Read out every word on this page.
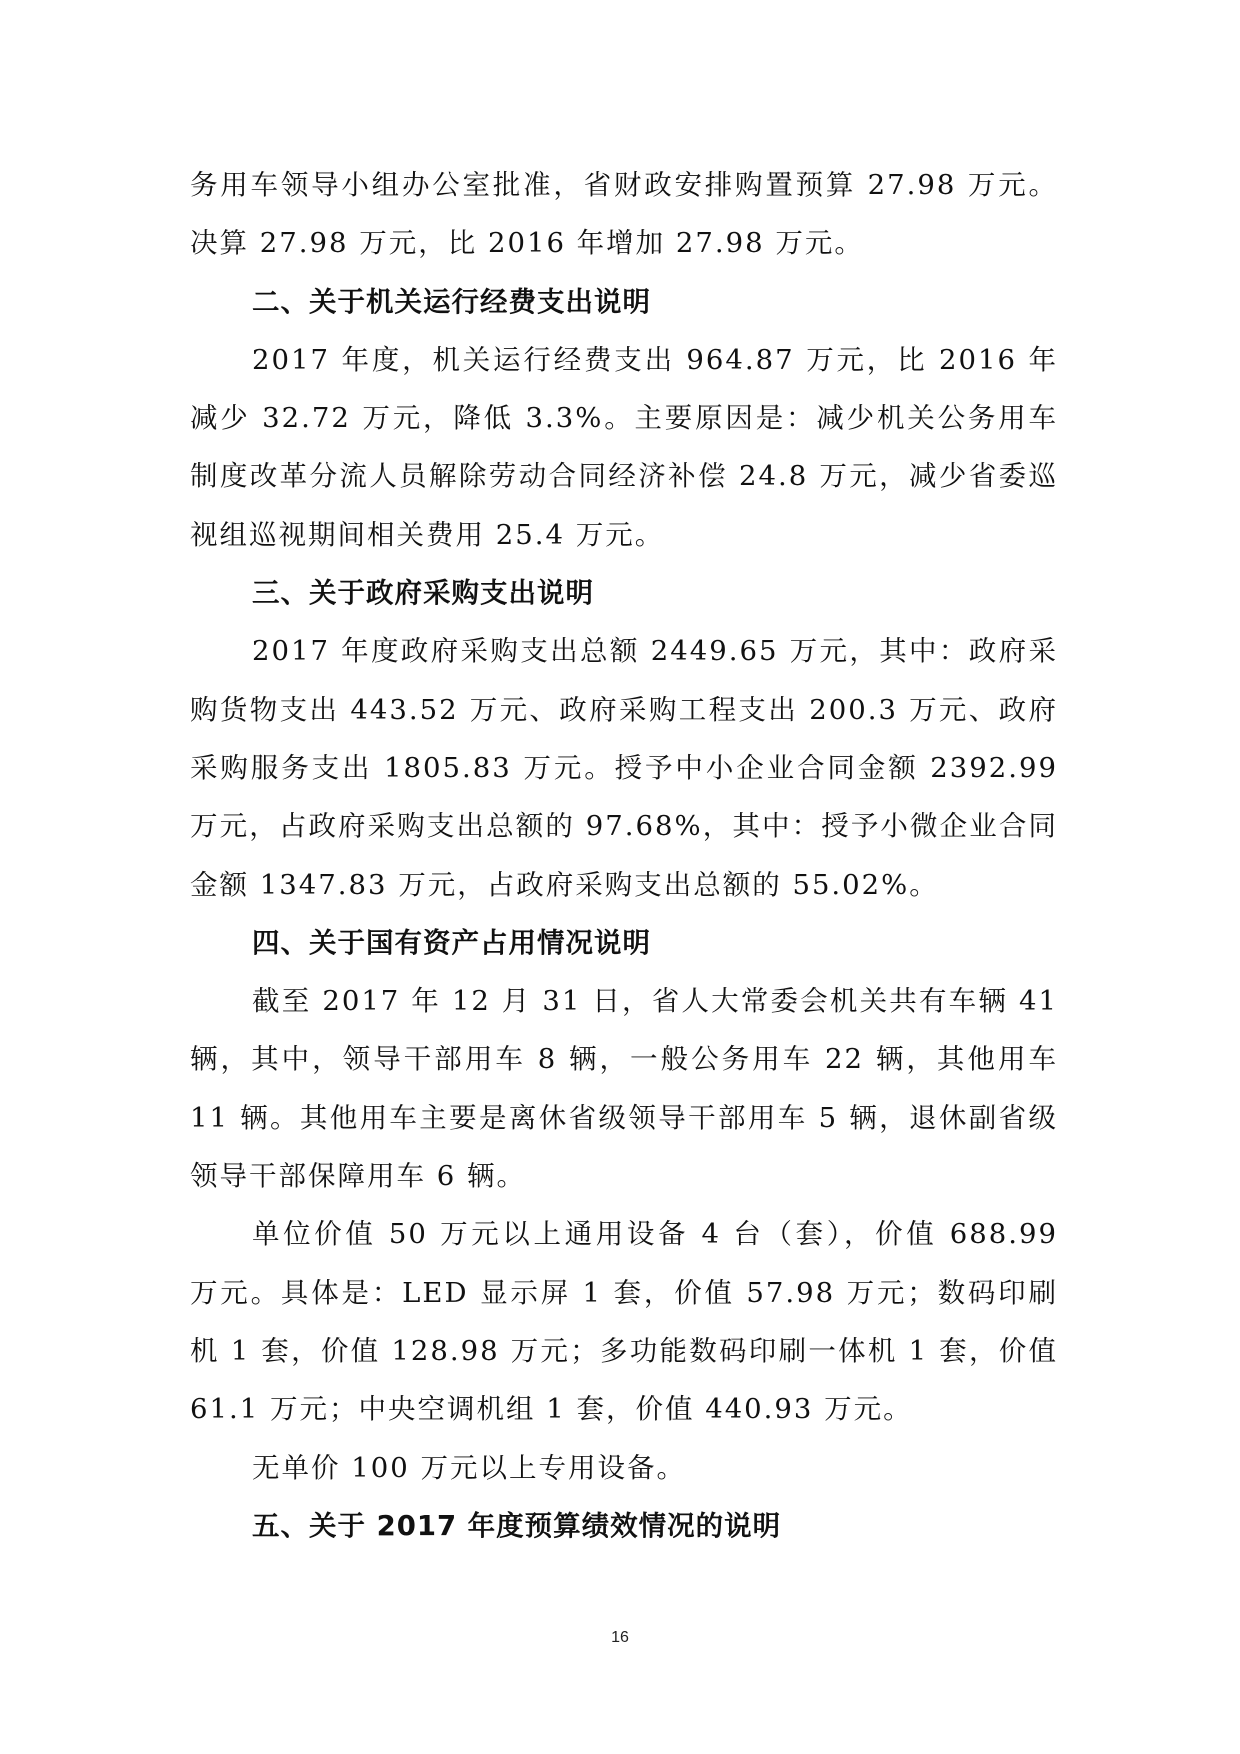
务用车领导小组办公室批准，省财政安排购置预算 27.98 万元。决算 27.98 万元，比 2016 年增加 27.98 万元。

二、关于机关运行经费支出说明

2017 年度，机关运行经费支出 964.87 万元，比 2016 年减少 32.72 万元，降低 3.3%。主要原因是：减少机关公务用车制度改革分流人员解除劳动合同经济补偿 24.8 万元，减少省委巡视组巡视期间相关费用 25.4 万元。

三、关于政府采购支出说明

2017 年度政府采购支出总额 2449.65 万元，其中：政府采购货物支出 443.52 万元、政府采购工程支出 200.3 万元、政府采购服务支出 1805.83 万元。授予中小企业合同金额 2392.99 万元，占政府采购支出总额的 97.68%，其中：授予小微企业合同金额 1347.83 万元，占政府采购支出总额的 55.02%。

四、关于国有资产占用情况说明

截至 2017 年 12 月 31 日，省人大常委会机关共有车辆 41 辆，其中，领导干部用车 8 辆，一般公务用车 22 辆，其他用车 11 辆。其他用车主要是离休省级领导干部用车 5 辆，退休副省级领导干部保障用车 6 辆。

单位价值 50 万元以上通用设备 4 台（套），价值 688.99 万元。具体是：LED 显示屏 1 套，价值 57.98 万元；数码印刷机 1 套，价值 128.98 万元；多功能数码印刷一体机 1 套，价值 61.1 万元；中央空调机组 1 套，价值 440.93 万元。

无单价 100 万元以上专用设备。

五、关于 2017 年度预算绩效情况的说明
16
